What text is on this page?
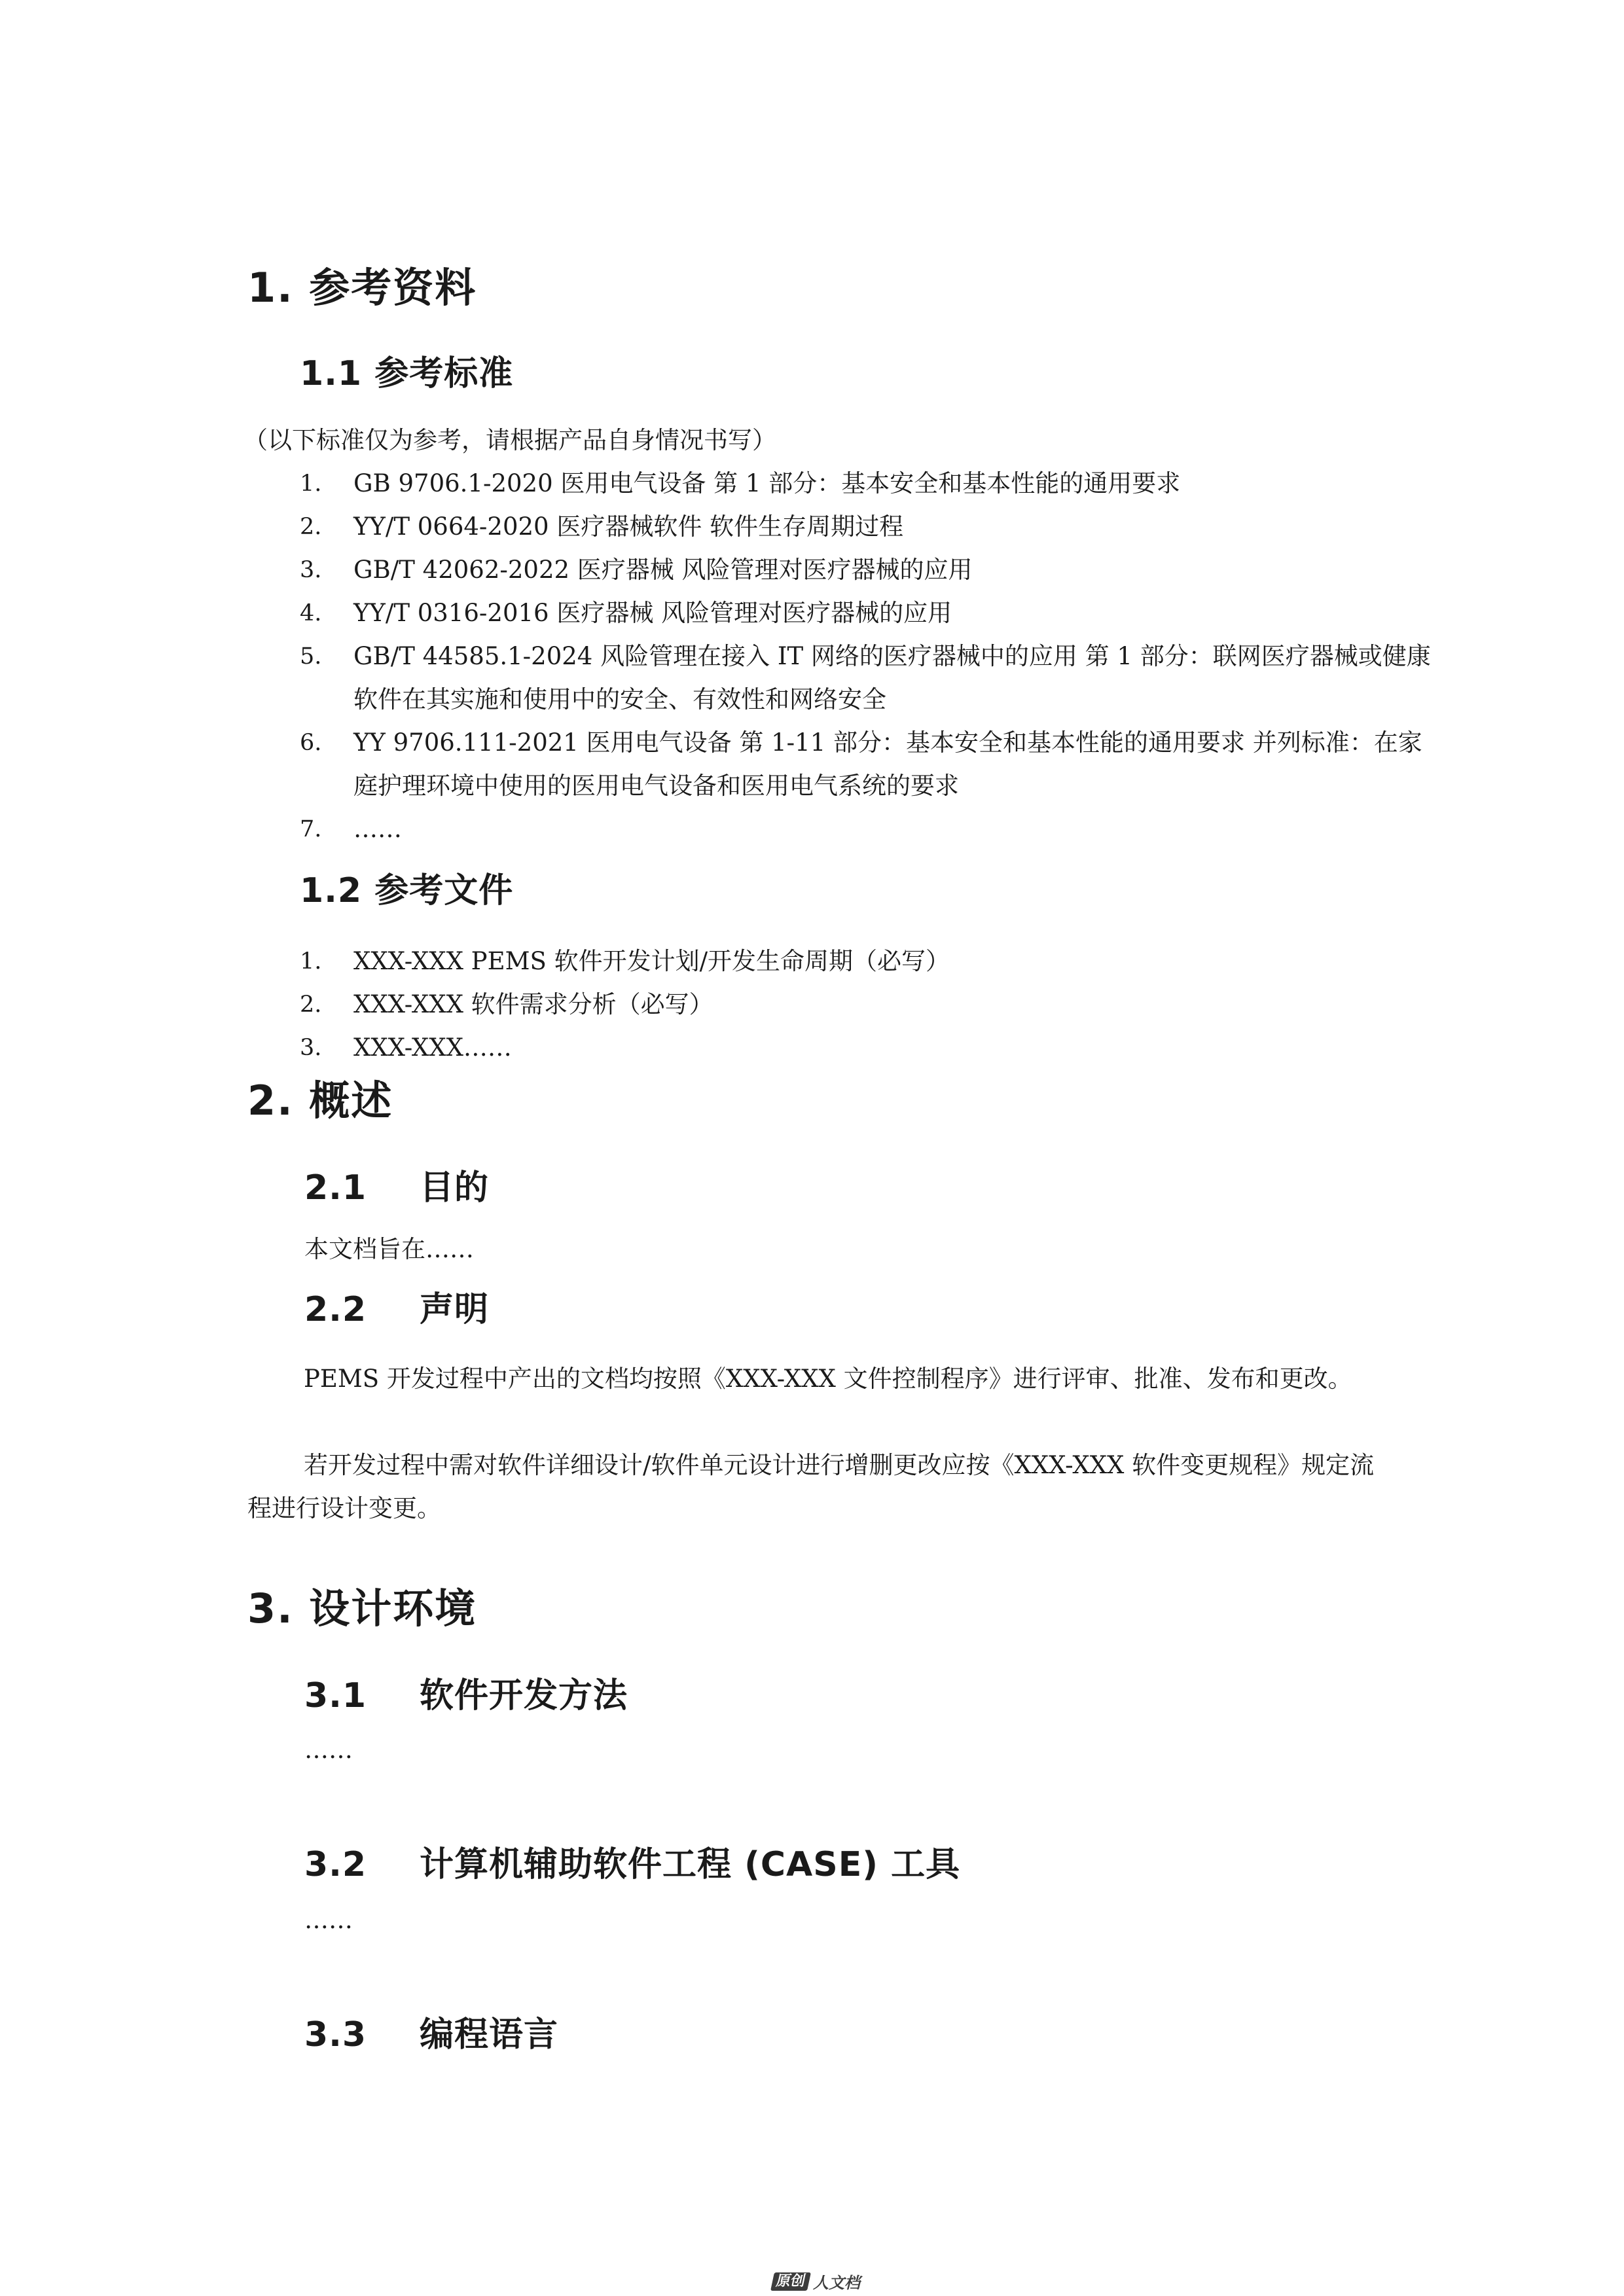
1. 参考资料
1.1 参考标准
（以下标准仅为参考，请根据产品自身情况书写）
1. GB 9706.1-2020 医用电气设备 第 1 部分：基本安全和基本性能的通用要求
2. YY/T 0664-2020 医疗器械软件 软件生存周期过程
3. GB/T 42062-2022 医疗器械 风险管理对医疗器械的应用
4. YY/T 0316-2016 医疗器械 风险管理对医疗器械的应用
5. GB/T 44585.1-2024 风险管理在接入 IT 网络的医疗器械中的应用 第 1 部分：联网医疗器械或健康软件在其实施和使用中的安全、有效性和网络安全
6. YY 9706.111-2021 医用电气设备 第 1-11 部分：基本安全和基本性能的通用要求 并列标准：在家庭护理环境中使用的医用电气设备和医用电气系统的要求
7. ……
1.2 参考文件
1. XXX-XXX PEMS 软件开发计划/开发生命周期（必写）
2. XXX-XXX 软件需求分析（必写）
3. XXX-XXX……
2. 概述
2.1 目的
本文档旨在……
2.2 声明
PEMS 开发过程中产出的文档均按照《XXX-XXX 文件控制程序》进行评审、批准、发布和更改。
若开发过程中需对软件详细设计/软件单元设计进行增删更改应按《XXX-XXX 软件变更规程》规定流程进行设计变更。
3. 设计环境
3.1 软件开发方法
……
3.2 计算机辅助软件工程 (CASE) 工具
……
3.3 编程语言
原创 人文档
